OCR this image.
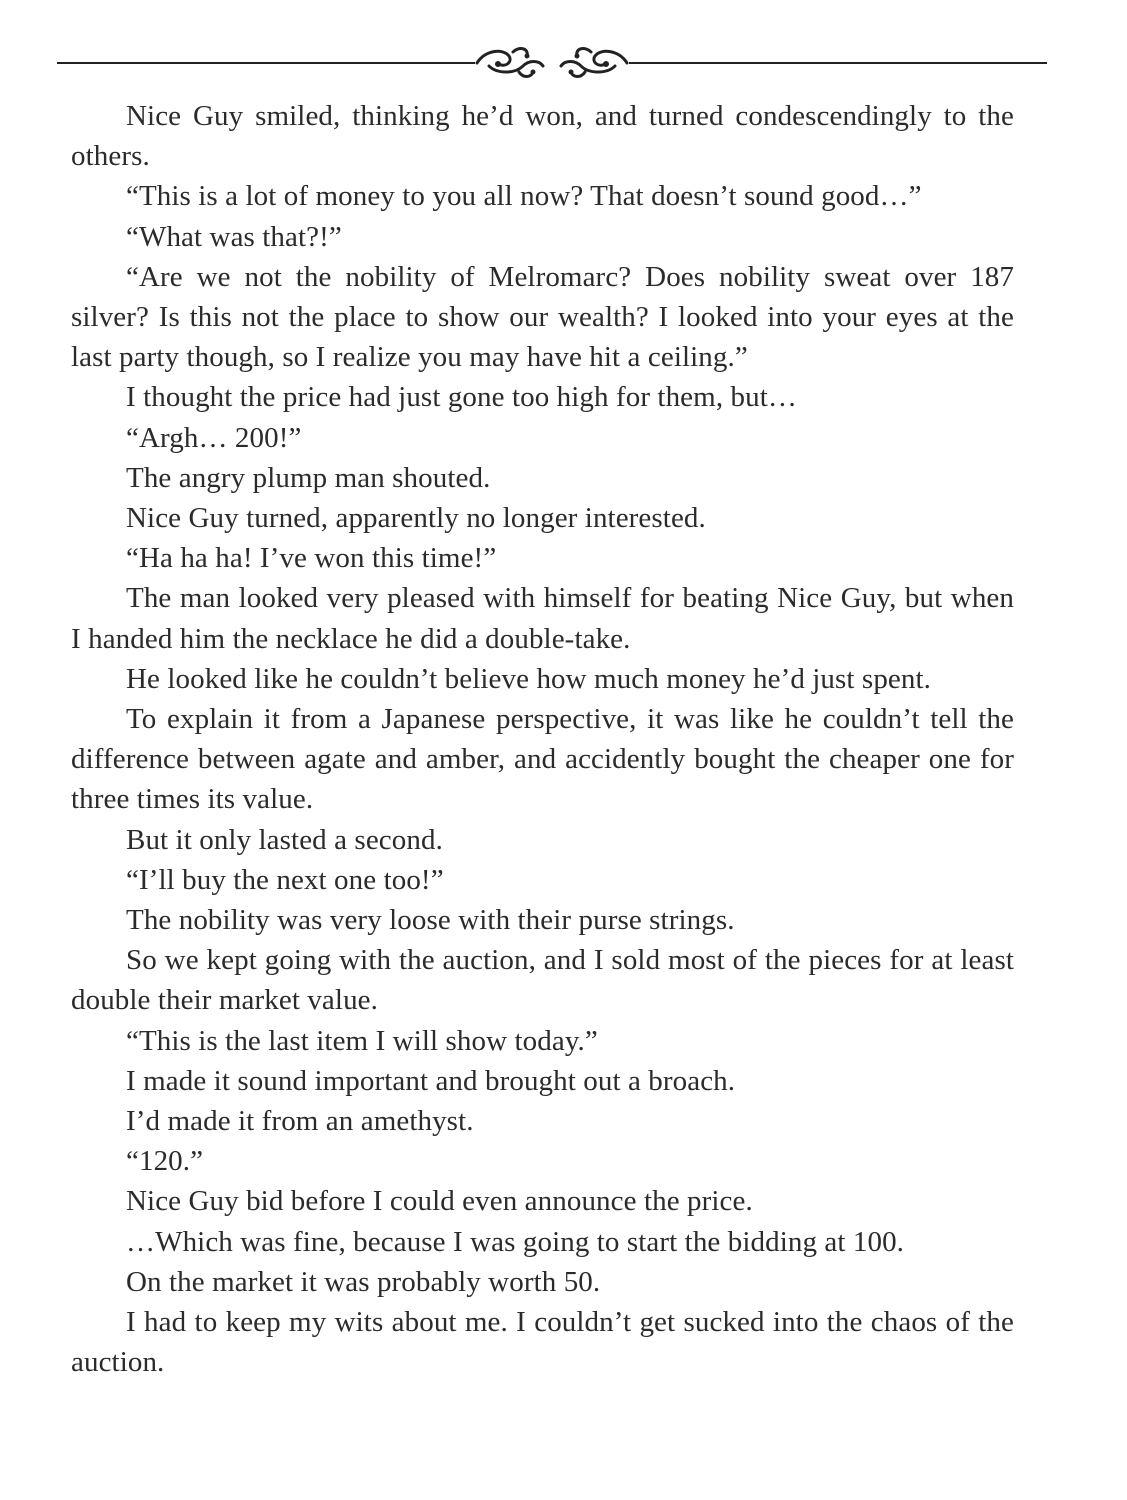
Nice Guy smiled, thinking he’d won, and turned condescendingly to the others.

“This is a lot of money to you all now? That doesn’t sound good…”

“What was that?!”

“Are we not the nobility of Melromarc? Does nobility sweat over 187 silver? Is this not the place to show our wealth? I looked into your eyes at the last party though, so I realize you may have hit a ceiling.”

I thought the price had just gone too high for them, but…

“Argh… 200!”

The angry plump man shouted.

Nice Guy turned, apparently no longer interested.

“Ha ha ha! I’ve won this time!”

The man looked very pleased with himself for beating Nice Guy, but when I handed him the necklace he did a double-take.

He looked like he couldn’t believe how much money he’d just spent.

To explain it from a Japanese perspective, it was like he couldn’t tell the difference between agate and amber, and accidently bought the cheaper one for three times its value.

But it only lasted a second.

“I’ll buy the next one too!”

The nobility was very loose with their purse strings.

So we kept going with the auction, and I sold most of the pieces for at least double their market value.

“This is the last item I will show today.”

I made it sound important and brought out a broach.

I’d made it from an amethyst.

“120.”

Nice Guy bid before I could even announce the price.

…Which was fine, because I was going to start the bidding at 100.

On the market it was probably worth 50.

I had to keep my wits about me. I couldn’t get sucked into the chaos of the auction.
